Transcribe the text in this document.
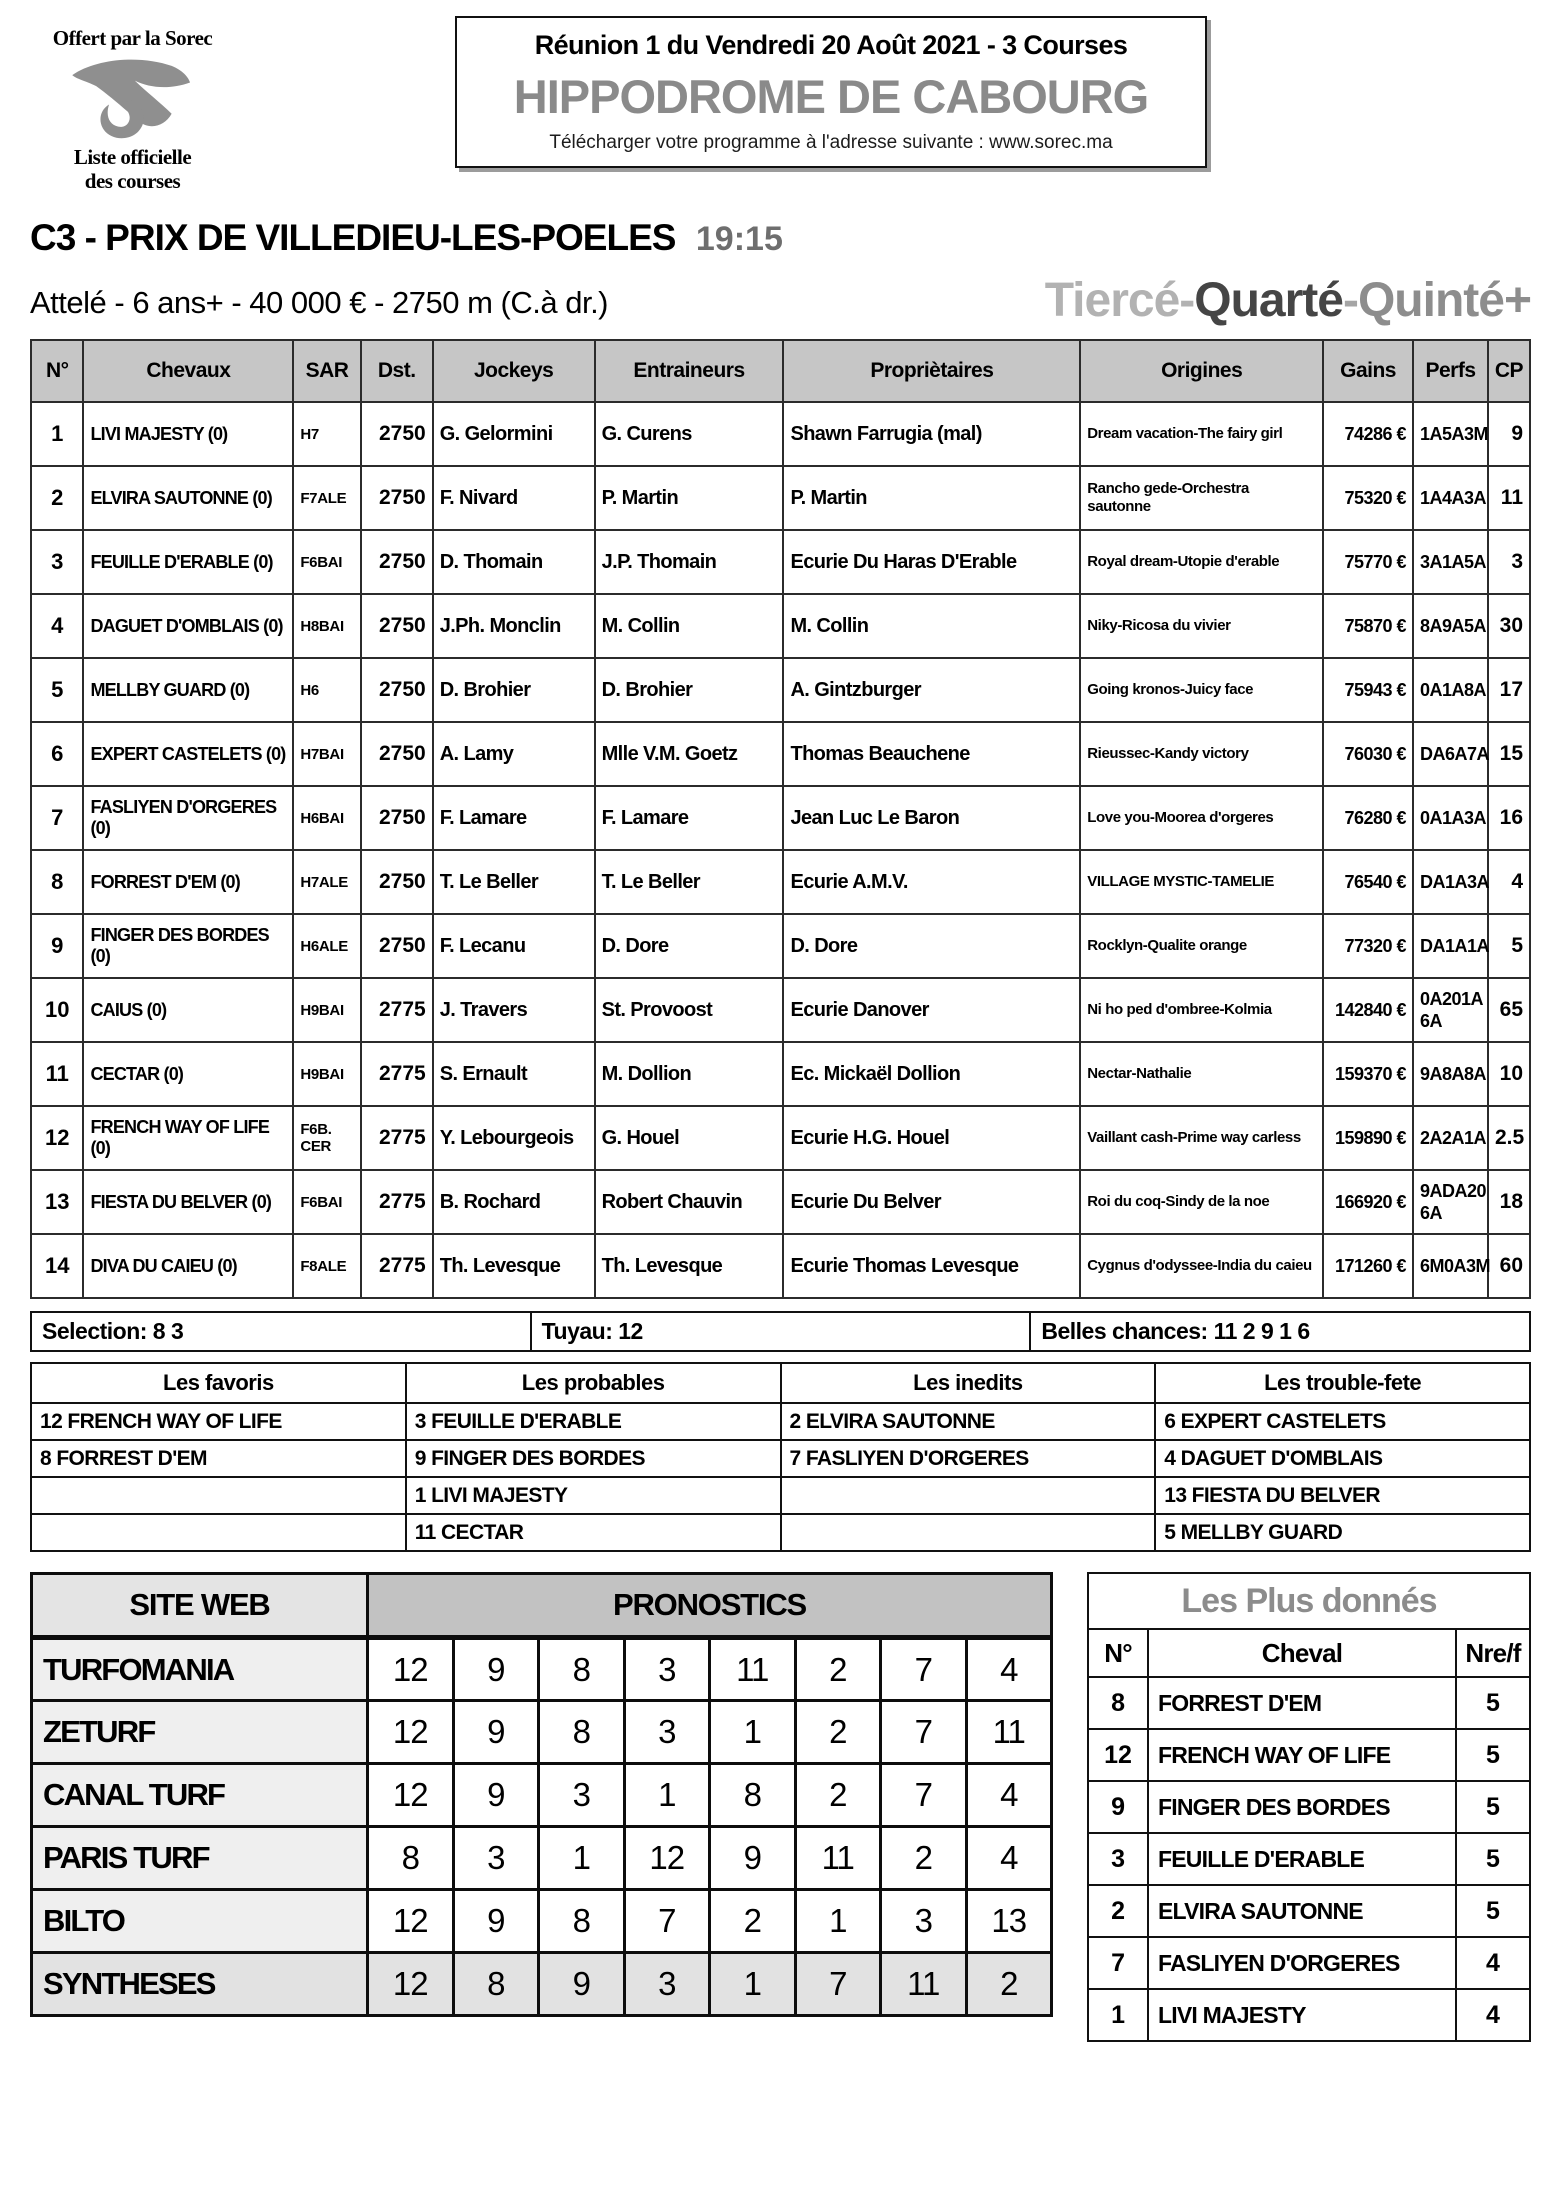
Offert par la Sorec
Liste officielle
des courses
Réunion 1 du Vendredi 20 Août 2021 - 3 Courses
HIPPODROME DE CABOURG
Télécharger votre programme à l'adresse suivante : www.sorec.ma
C3 - PRIX DE VILLEDIEU-LES-POELES 19:15
Attelé - 6 ans+ - 40 000 € - 2750 m (C.à dr.)	Tiercé-Quarté-Quinté+
N°	Chevaux	SAR	Dst.	Jockeys	Entraineurs	Propriètaires	Origines	Gains	Perfs	CP
1	LIVI MAJESTY (0)	H7	2750	G. Gelormini	G. Curens	Shawn Farrugia (mal)	Dream vacation-The fairy girl	74286 €	1A5A3M	9
2	ELVIRA SAUTONNE (0)	F7ALE	2750	F. Nivard	P. Martin	P. Martin	Rancho gede-Orchestra sautonne	75320 €	1A4A3A	11
3	FEUILLE D'ERABLE (0)	F6BAI	2750	D. Thomain	J.P. Thomain	Ecurie Du Haras D'Erable	Royal dream-Utopie d'erable	75770 €	3A1A5A	3
4	DAGUET D'OMBLAIS (0)	H8BAI	2750	J.Ph. Monclin	M. Collin	M. Collin	Niky-Ricosa du vivier	75870 €	8A9A5A	30
5	MELLBY GUARD (0)	H6	2750	D. Brohier	D. Brohier	A. Gintzburger	Going kronos-Juicy face	75943 €	0A1A8A	17
6	EXPERT CASTELETS (0)	H7BAI	2750	A. Lamy	Mlle V.M. Goetz	Thomas Beauchene	Rieussec-Kandy victory	76030 €	DA6A7A	15
7	FASLIYEN D'ORGERES (0)	H6BAI	2750	F. Lamare	F. Lamare	Jean Luc Le Baron	Love you-Moorea d'orgeres	76280 €	0A1A3A	16
8	FORREST D'EM (0)	H7ALE	2750	T. Le Beller	T. Le Beller	Ecurie A.M.V.	VILLAGE MYSTIC-TAMELIE	76540 €	DA1A3A	4
9	FINGER DES BORDES (0)	H6ALE	2750	F. Lecanu	D. Dore	D. Dore	Rocklyn-Qualite orange	77320 €	DA1A1A	5
10	CAIUS (0)	H9BAI	2775	J. Travers	St. Provoost	Ecurie Danover	Ni ho ped d'ombree-Kolmia	142840 €	0A201A 6A	65
11	CECTAR (0)	H9BAI	2775	S. Ernault	M. Dollion	Ec. Mickaël Dollion	Nectar-Nathalie	159370 €	9A8A8A	10
12	FRENCH WAY OF LIFE (0)	F6B. CER	2775	Y. Lebourgeois	G. Houel	Ecurie H.G. Houel	Vaillant cash-Prime way carless	159890 €	2A2A1A	2.5
13	FIESTA DU BELVER (0)	F6BAI	2775	B. Rochard	Robert Chauvin	Ecurie Du Belver	Roi du coq-Sindy de la noe	166920 €	9ADA20 6A	18
14	DIVA DU CAIEU (0)	F8ALE	2775	Th. Levesque	Th. Levesque	Ecurie Thomas Levesque	Cygnus d'odyssee-India du caieu	171260 €	6M0A3M	60
Selection: 8 3	Tuyau: 12	Belles chances: 11 2 9 1 6
Les favoris	Les probables	Les inedits	Les trouble-fete
12 FRENCH WAY OF LIFE	3 FEUILLE D'ERABLE	2 ELVIRA SAUTONNE	6 EXPERT CASTELETS
8 FORREST D'EM	9 FINGER DES BORDES	7 FASLIYEN D'ORGERES	4 DAGUET D'OMBLAIS
	1 LIVI MAJESTY		13 FIESTA DU BELVER
	11 CECTAR		5 MELLBY GUARD
SITE WEB	PRONOSTICS							
TURFOMANIA	12	9	8	3	11	2	7	4
ZETURF	12	9	8	3	1	2	7	11
CANAL TURF	12	9	3	1	8	2	7	4
PARIS TURF	8	3	1	12	9	11	2	4
BILTO	12	9	8	7	2	1	3	13
SYNTHESES	12	8	9	3	1	7	11	2
Les Plus donnés		
N°	Cheval	Nre/f
8	FORREST D'EM	5
12	FRENCH WAY OF LIFE	5
9	FINGER DES BORDES	5
3	FEUILLE D'ERABLE	5
2	ELVIRA SAUTONNE	5
7	FASLIYEN D'ORGERES	4
1	LIVI MAJESTY	4
